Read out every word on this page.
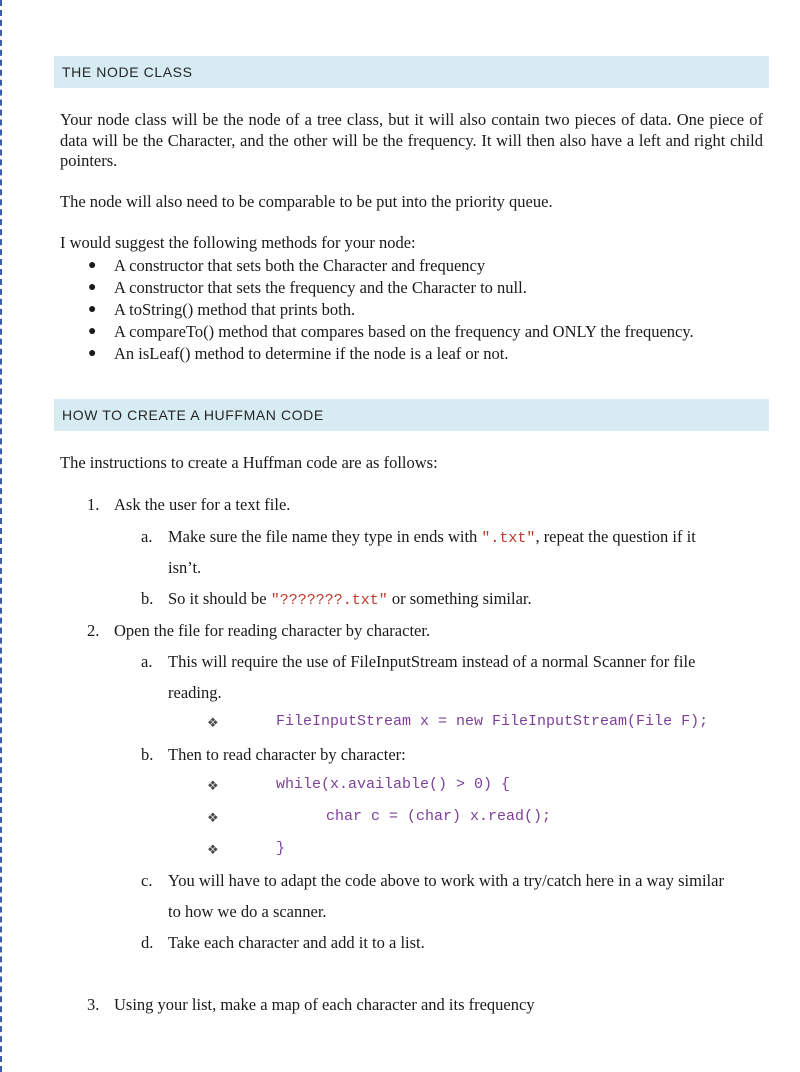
THE NODE CLASS

Your node class will be the node of a tree class, but it will also contain two pieces of data. One piece of data will be the Character, and the other will be the frequency. It will then also have a left and right child pointers.

The node will also need to be comparable to be put into the priority queue.

I would suggest the following methods for your node:

● A constructor that sets both the Character and frequency
● A constructor that sets the frequency and the Character to null.
● A toString() method that prints both.
● A compareTo() method that compares based on the frequency and ONLY the frequency.
● An isLeaf() method to determine if the node is a leaf or not.
HOW TO CREATE A HUFFMAN CODE

The instructions to create a Huffman code are as follows:

1. Ask the user for a text file.
a. Make sure the file name they type in ends with ".txt", repeat the question if it
isn’t.
b. So it should be "???????.txt" or something similar.
2. Open the file for reading character by character.
a. This will require the use of FileInputStream instead of a normal Scanner for file
reading.
❖	FileInputStream x = new FileInputStream(File F);
b. Then to read character by character:
❖	while(x.available() > 0) {
❖	char c = (char) x.read();
❖	}
c. You will have to adapt the code above to work with a try/catch here in a way similar
to how we do a scanner.
d. Take each character and add it to a list.
3. Using your list, make a map of each character and its frequency
